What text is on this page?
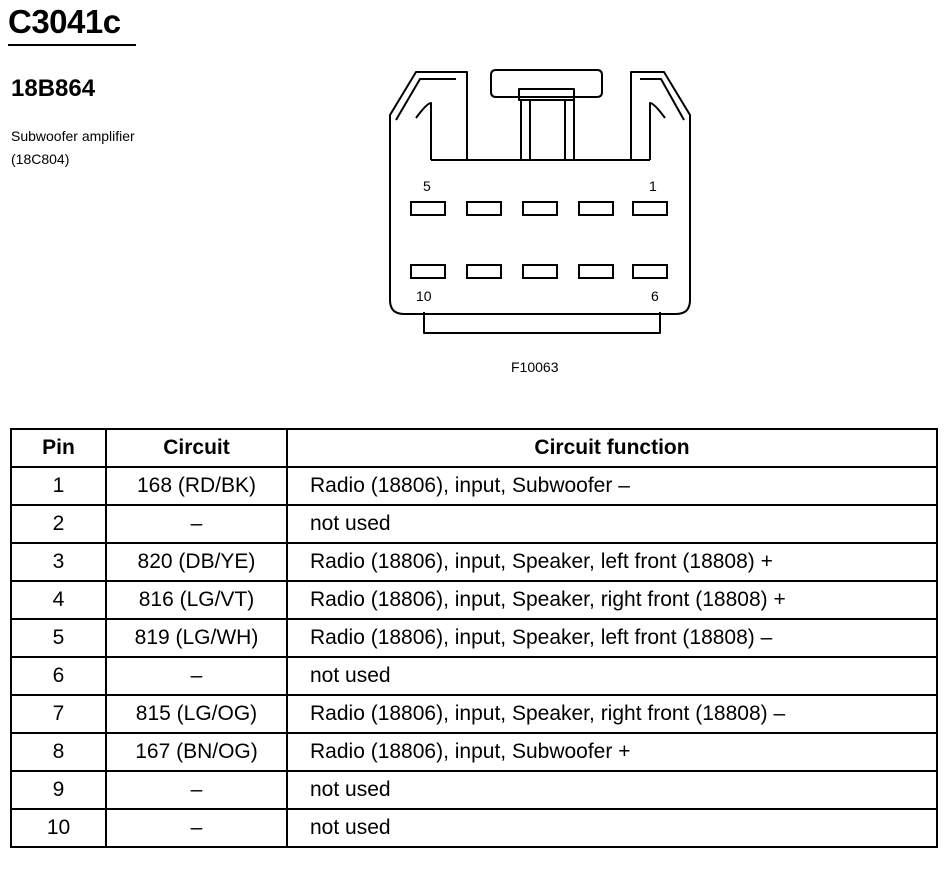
C3041c
18B864
Subwoofer amplifier
(18C804)
5	1
10	6
F10063
Pin	Circuit	Circuit function
1	168 (RD/BK)	Radio (18806), input, Subwoofer –
2	–	not used
3	820 (DB/YE)	Radio (18806), input, Speaker, left front (18808) +
4	816 (LG/VT)	Radio (18806), input, Speaker, right front (18808) +
5	819 (LG/WH)	Radio (18806), input, Speaker, left front (18808) –
6	–	not used
7	815 (LG/OG)	Radio (18806), input, Speaker, right front (18808) –
8	167 (BN/OG)	Radio (18806), input, Subwoofer +
9	–	not used
10	–	not used
